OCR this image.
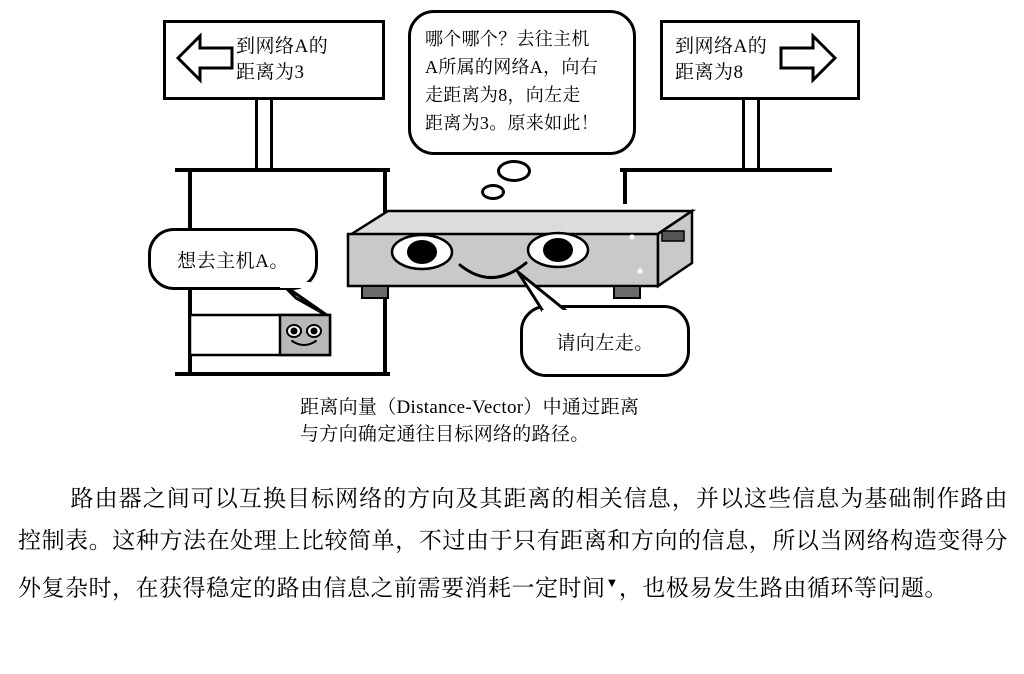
到网络A的
距离为3
到网络A的
距离为8
哪个哪个？去往主机
A所属的网络A，向右
走距离为8，向左走
距离为3。原来如此！
想去主机A。
请向左走。
距离向量（Distance-Vector）中通过距离
与方向确定通往目标网络的路径。
路由器之间可以互换目标网络的方向及其距离的相关信息，并以这些信息为基础制作路由控制表。这种方法在处理上比较简单，不过由于只有距离和方向的信息，所以当网络构造变得分外复杂时，在获得稳定的路由信息之前需要消耗一定时间▼，也极易发生路由循环等问题。
